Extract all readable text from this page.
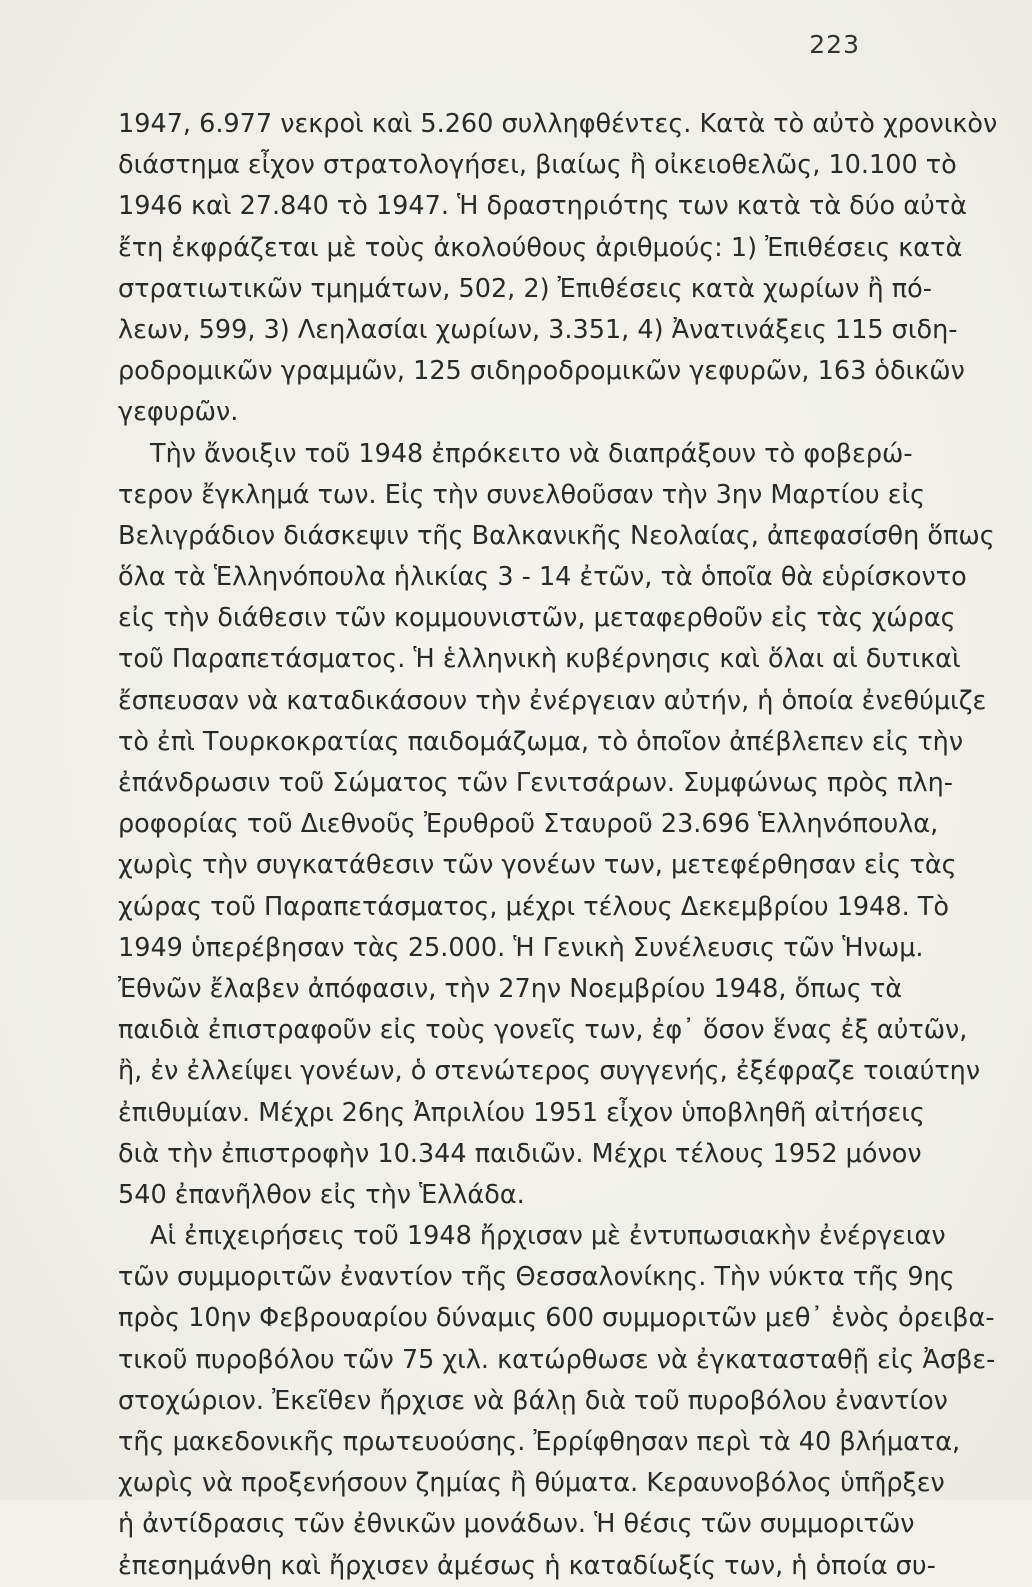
223
1947, 6.977 νεκροὶ καὶ 5.260 συλληφθέντες. Κατὰ τὸ αὐτὸ χρονικὸν
διάστημα εἶχον στρατολογήσει, βιαίως ἢ οἰκειοθελῶς, 10.100 τὸ
1946 καὶ 27.840 τὸ 1947. Ἡ δραστηριότης των κατὰ τὰ δύο αὐτὰ
ἔτη ἐκφράζεται μὲ τοὺς ἀκολούθους ἀριθμούς: 1) Ἐπιθέσεις κατὰ
στρατιωτικῶν τμημάτων, 502, 2) Ἐπιθέσεις κατὰ χωρίων ἢ πό-
λεων, 599, 3) Λεηλασίαι χωρίων, 3.351, 4) Ἀνατινάξεις 115 σιδη-
ροδρομικῶν γραμμῶν, 125 σιδηροδρομικῶν γεφυρῶν, 163 ὁδικῶν
γεφυρῶν.
Τὴν ἄνοιξιν τοῦ 1948 ἐπρόκειτο νὰ διαπράξουν τὸ φοβερώ-
τερον ἔγκλημά των. Εἰς τὴν συνελθοῦσαν τὴν 3ην Μαρτίου εἰς
Βελιγράδιον διάσκεψιν τῆς Βαλκανικῆς Νεολαίας, ἀπεφασίσθη ὅπως
ὅλα τὰ Ἑλληνόπουλα ἡλικίας 3 - 14 ἐτῶν, τὰ ὁποῖα θὰ εὑρίσκοντο
εἰς τὴν διάθεσιν τῶν κομμουνιστῶν, μεταφερθοῦν εἰς τὰς χώρας
τοῦ Παραπετάσματος. Ἡ ἑλληνικὴ κυβέρνησις καὶ ὅλαι αἱ δυτικαὶ
ἔσπευσαν νὰ καταδικάσουν τὴν ἐνέργειαν αὐτήν, ἡ ὁποία ἐνεθύμιζε
τὸ ἐπὶ Τουρκοκρατίας παιδομάζωμα, τὸ ὁποῖον ἀπέβλεπεν εἰς τὴν
ἐπάνδρωσιν τοῦ Σώματος τῶν Γενιτσάρων. Συμφώνως πρὸς πλη-
ροφορίας τοῦ Διεθνοῦς Ἐρυθροῦ Σταυροῦ 23.696 Ἑλληνόπουλα,
χωρὶς τὴν συγκατάθεσιν τῶν γονέων των, μετεφέρθησαν εἰς τὰς
χώρας τοῦ Παραπετάσματος, μέχρι τέλους Δεκεμβρίου 1948. Τὸ
1949 ὑπερέβησαν τὰς 25.000. Ἡ Γενικὴ Συνέλευσις τῶν Ἡνωμ.
Ἐθνῶν ἔλαβεν ἀπόφασιν, τὴν 27ην Νοεμβρίου 1948, ὅπως τὰ
παιδιὰ ἐπιστραφοῦν εἰς τοὺς γονεῖς των, ἐφ᾽ ὅσον ἕνας ἐξ αὐτῶν,
ἢ, ἐν ἐλλείψει γονέων, ὁ στενώτερος συγγενής, ἐξέφραζε τοιαύτην
ἐπιθυμίαν. Μέχρι 26ης Ἀπριλίου 1951 εἶχον ὑποβληθῆ αἰτήσεις
διὰ τὴν ἐπιστροφὴν 10.344 παιδιῶν. Μέχρι τέλους 1952 μόνον
540 ἐπανῆλθον εἰς τὴν Ἑλλάδα.
Αἱ ἐπιχειρήσεις τοῦ 1948 ἤρχισαν μὲ ἐντυπωσιακὴν ἐνέργειαν
τῶν συμμοριτῶν ἐναντίον τῆς Θεσσαλονίκης. Τὴν νύκτα τῆς 9ης
πρὸς 10ην Φεβρουαρίου δύναμις 600 συμμοριτῶν μεθ᾽ ἑνὸς ὀρειβα-
τικοῦ πυροβόλου τῶν 75 χιλ. κατώρθωσε νὰ ἐγκατασταθῇ εἰς Ἀσβε-
στοχώριον. Ἐκεῖθεν ἤρχισε νὰ βάλῃ διὰ τοῦ πυροβόλου ἐναντίον
τῆς μακεδονικῆς πρωτευούσης. Ἐρρίφθησαν περὶ τὰ 40 βλήματα,
χωρὶς νὰ προξενήσουν ζημίας ἢ θύματα. Κεραυνοβόλος ὑπῆρξεν
ἡ ἀντίδρασις τῶν ἐθνικῶν μονάδων. Ἡ θέσις τῶν συμμοριτῶν
ἐπεσημάνθη καὶ ἤρχισεν ἀμέσως ἡ καταδίωξίς των, ἡ ὁποία συ-
